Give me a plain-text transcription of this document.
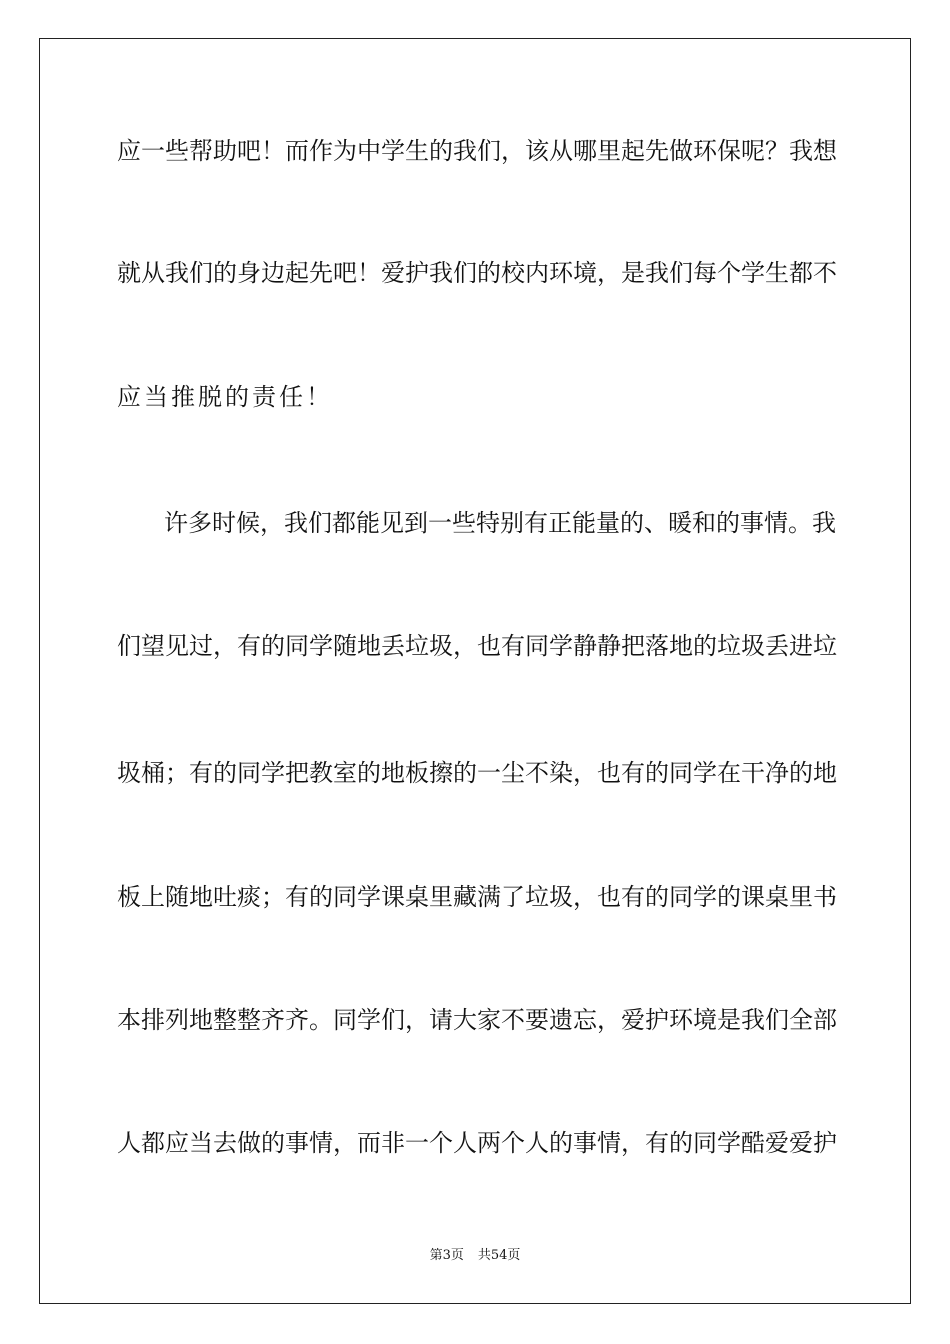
应一些帮助吧！而作为中学生的我们，该从哪里起先做环保呢？我想
就从我们的身边起先吧！爱护我们的校内环境，是我们每个学生都不
应当推脱的责任！
许多时候，我们都能见到一些特别有正能量的、暖和的事情。我
们望见过，有的同学随地丢垃圾，也有同学静静把落地的垃圾丢进垃
圾桶；有的同学把教室的地板擦的一尘不染，也有的同学在干净的地
板上随地吐痰；有的同学课桌里藏满了垃圾，也有的同学的课桌里书
本排列地整整齐齐。同学们，请大家不要遗忘，爱护环境是我们全部
人都应当去做的事情，而非一个人两个人的事情，有的同学酷爱爱护
第3页 共54页
